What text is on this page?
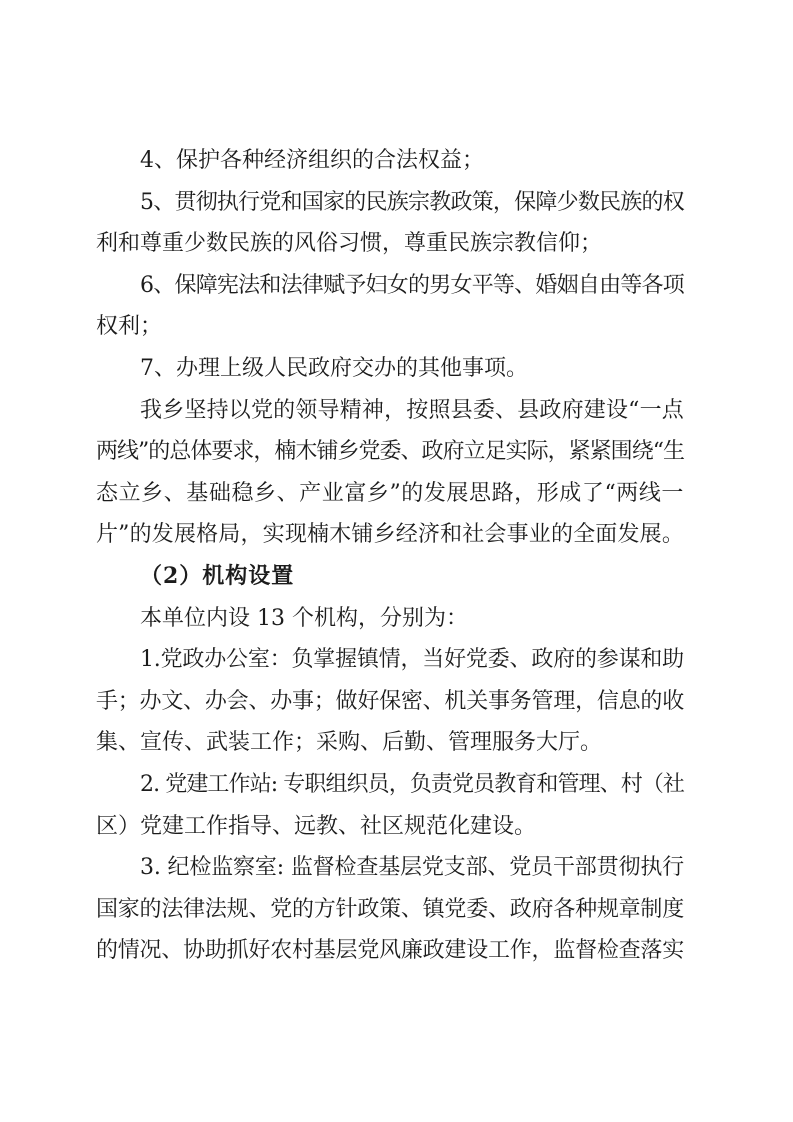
4、保护各种经济组织的合法权益；
5、贯彻执行党和国家的民族宗教政策，保障少数民族的权
利和尊重少数民族的风俗习惯，尊重民族宗教信仰；
6、保障宪法和法律赋予妇女的男女平等、婚姻自由等各项
权利；
7、办理上级人民政府交办的其他事项。
我乡坚持以党的领导精神，按照县委、县政府建设“一点
两线”的总体要求，楠木铺乡党委、政府立足实际，紧紧围绕“生
态立乡、基础稳乡、产业富乡”的发展思路，形成了“两线一
片”的发展格局，实现楠木铺乡经济和社会事业的全面发展。
（2）机构设置
本单位内设 13 个机构，分别为：
1.党政办公室：负掌握镇情，当好党委、政府的参谋和助
手；办文、办会、办事；做好保密、机关事务管理，信息的收
集、宣传、武装工作；采购、后勤、管理服务大厅。
2. 党建工作站: 专职组织员，负责党员教育和管理、村（社
区）党建工作指导、远教、社区规范化建设。
3. 纪检监察室: 监督检查基层党支部、党员干部贯彻执行
国家的法律法规、党的方针政策、镇党委、政府各种规章制度
的情况、协助抓好农村基层党风廉政建设工作，监督检查落实
